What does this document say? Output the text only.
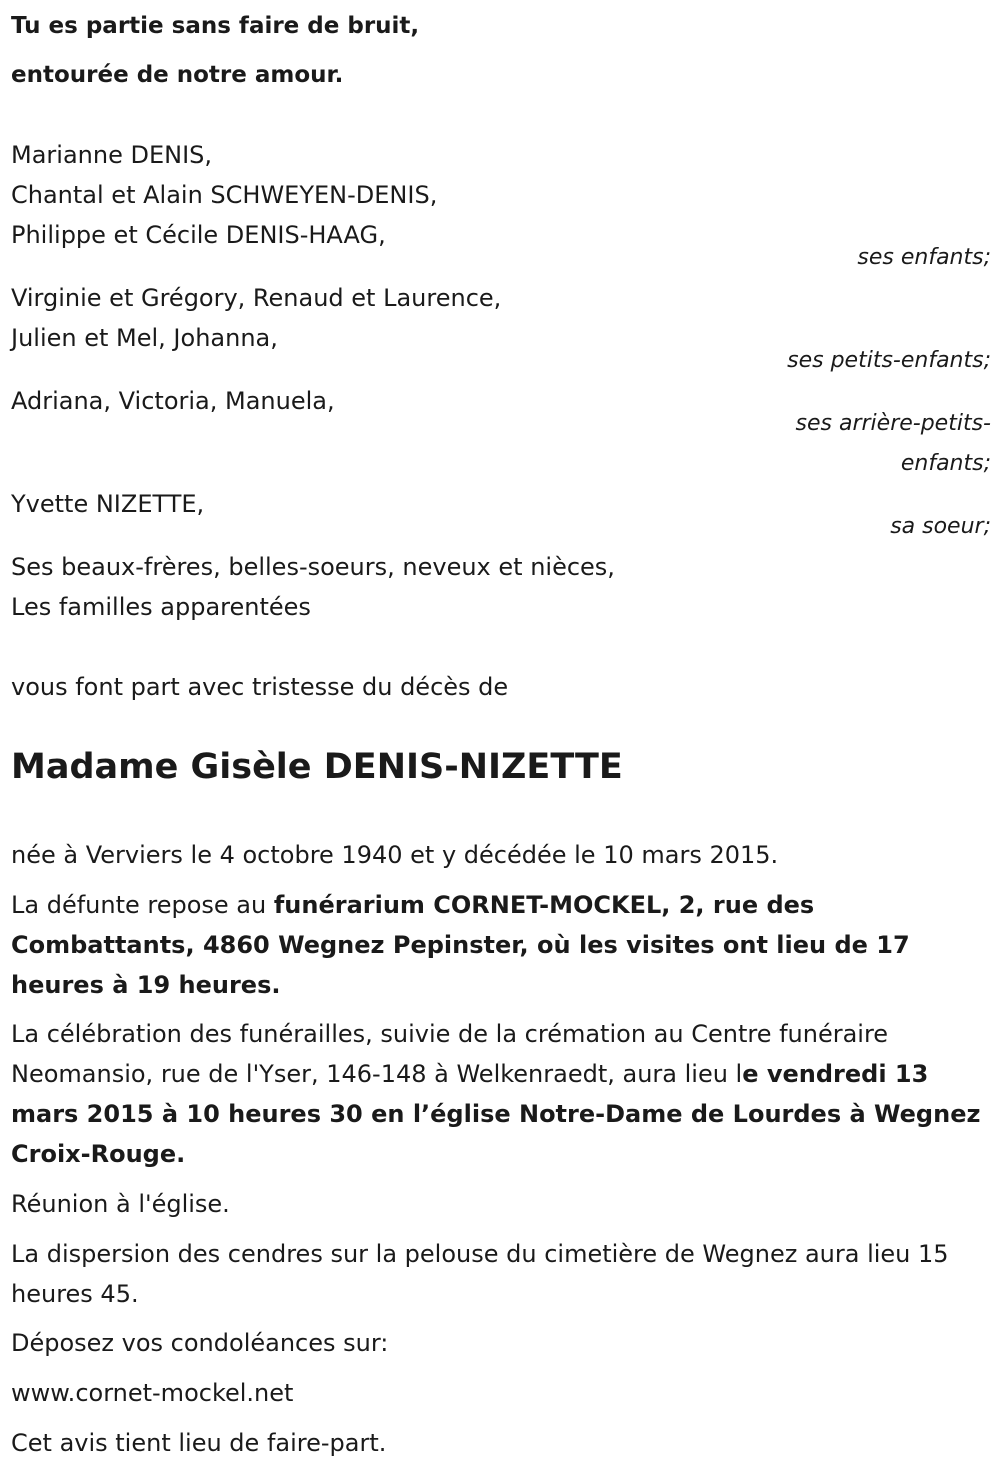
Tu es partie sans faire de bruit,
entourée de notre amour.
Marianne DENIS,
Chantal et Alain SCHWEYEN-DENIS,
Philippe et Cécile DENIS-HAAG,
ses enfants;
Virginie et Grégory, Renaud et Laurence,
Julien et Mel, Johanna,
ses petits-enfants;
Adriana, Victoria, Manuela,
ses arrière-petits-
enfants;
Yvette NIZETTE,
sa soeur;
Ses beaux-frères, belles-soeurs, neveux et nièces,
Les familles apparentées
vous font part avec tristesse du décès de
Madame Gisèle DENIS-NIZETTE
née à Verviers le 4 octobre 1940 et y décédée le 10 mars 2015.
La défunte repose au funérarium CORNET-MOCKEL, 2, rue des Combattants, 4860 Wegnez Pepinster, où les visites ont lieu de 17 heures à 19 heures.
La célébration des funérailles, suivie de la crémation au Centre funéraire Neomansio, rue de l'Yser, 146-148 à Welkenraedt, aura lieu le vendredi 13 mars 2015 à 10 heures 30 en l’église Notre-Dame de Lourdes à Wegnez Croix-Rouge.
Réunion à l'église.
La dispersion des cendres sur la pelouse du cimetière de Wegnez aura lieu 15 heures 45.
Déposez vos condoléances sur:
www.cornet-mockel.net
Cet avis tient lieu de faire-part.
